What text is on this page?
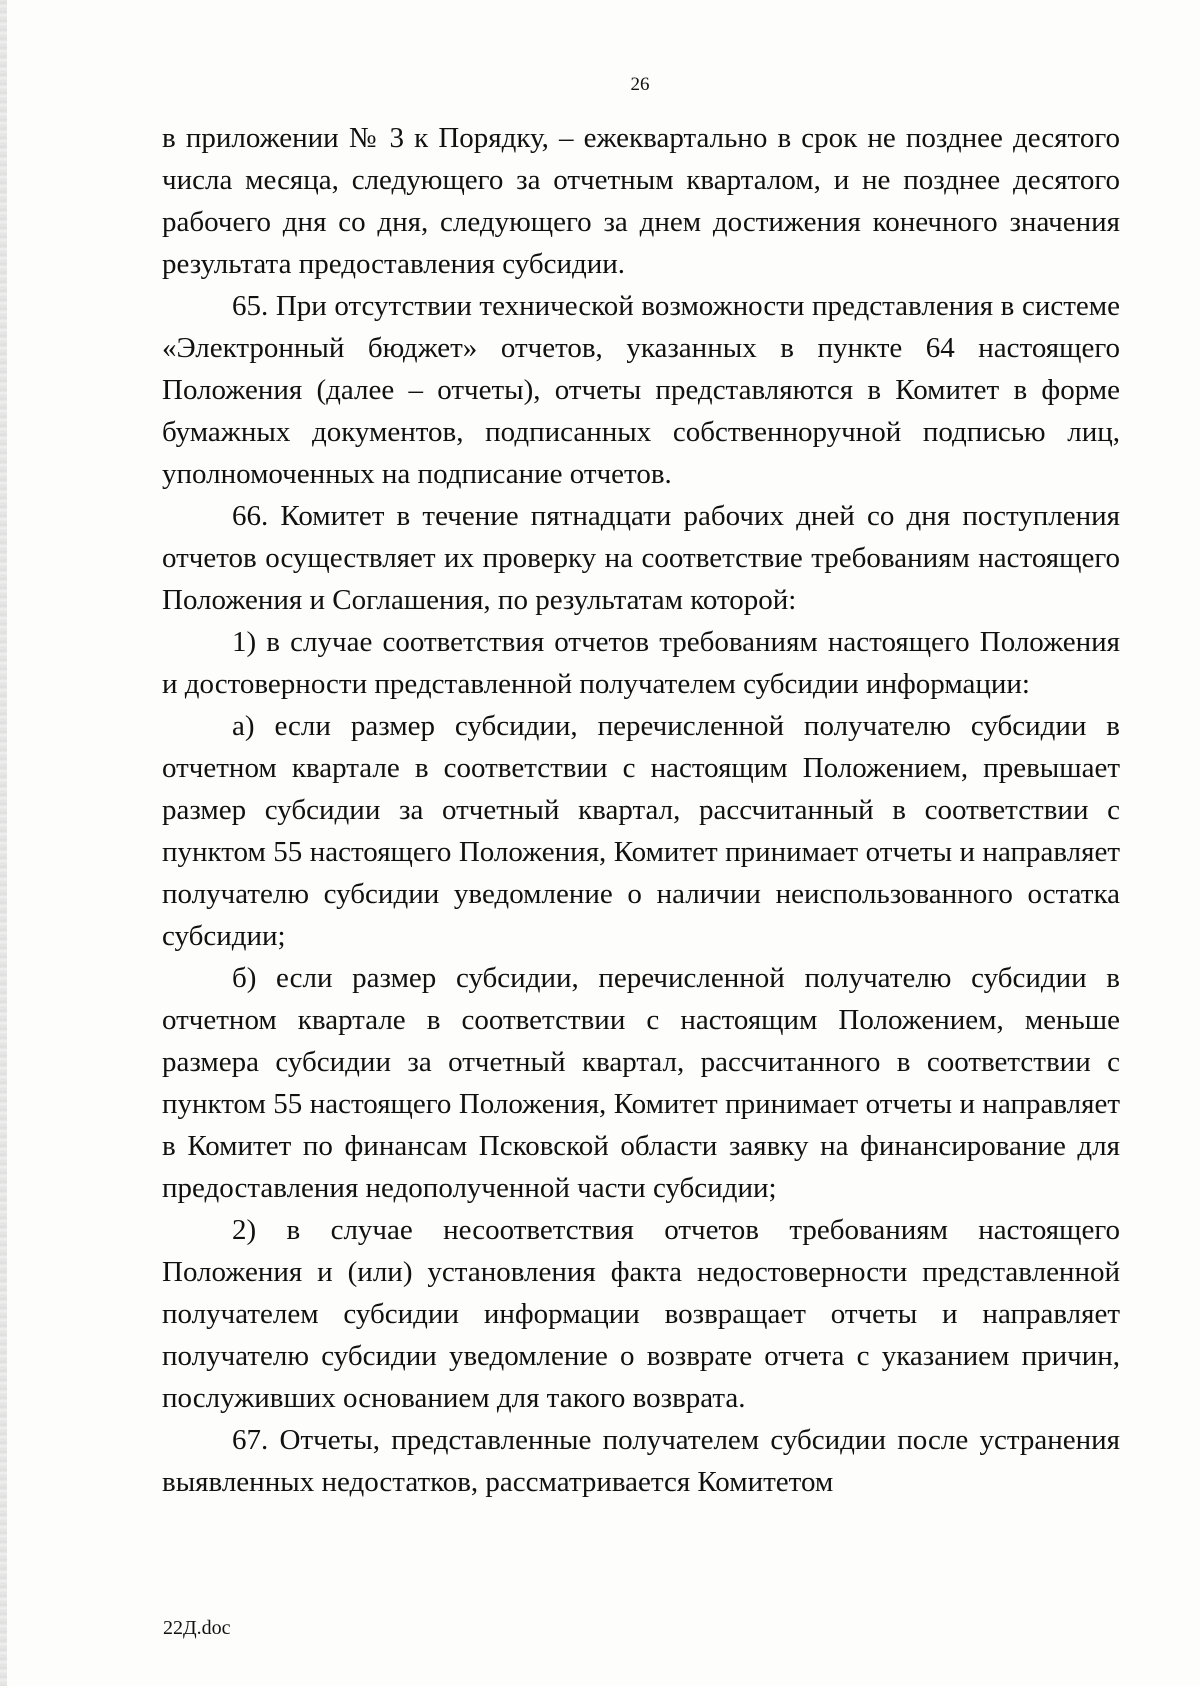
26

в приложении № 3 к Порядку, – ежеквартально в срок не позднее десятого числа месяца, следующего за отчетным кварталом, и не позднее десятого рабочего дня со дня, следующего за днем достижения конечного значения результата предоставления субсидии.

65. При отсутствии технической возможности представления в системе «Электронный бюджет» отчетов, указанных в пункте 64 настоящего Положения (далее – отчеты), отчеты представляются в Комитет в форме бумажных документов, подписанных собственноручной подписью лиц, уполномоченных на подписание отчетов.

66. Комитет в течение пятнадцати рабочих дней со дня поступления отчетов осуществляет их проверку на соответствие требованиям настоящего Положения и Соглашения, по результатам которой:

1) в случае соответствия отчетов требованиям настоящего Положения и достоверности представленной получателем субсидии информации:

а) если размер субсидии, перечисленной получателю субсидии в отчетном квартале в соответствии с настоящим Положением, превышает размер субсидии за отчетный квартал, рассчитанный в соответствии с пунктом 55 настоящего Положения, Комитет принимает отчеты и направляет получателю субсидии уведомление о наличии неиспользованного остатка субсидии;

б) если размер субсидии, перечисленной получателю субсидии в отчетном квартале в соответствии с настоящим Положением, меньше размера субсидии за отчетный квартал, рассчитанного в соответствии с пунктом 55 настоящего Положения, Комитет принимает отчеты и направляет в Комитет по финансам Псковской области заявку на финансирование для предоставления недополученной части субсидии;

2) в случае несоответствия отчетов требованиям настоящего Положения и (или) установления факта недостоверности представленной получателем субсидии информации возвращает отчеты и направляет получателю субсидии уведомление о возврате отчета с указанием причин, послуживших основанием для такого возврата.

67. Отчеты, представленные получателем субсидии после устранения выявленных недостатков, рассматривается Комитетом

22Д.doc
